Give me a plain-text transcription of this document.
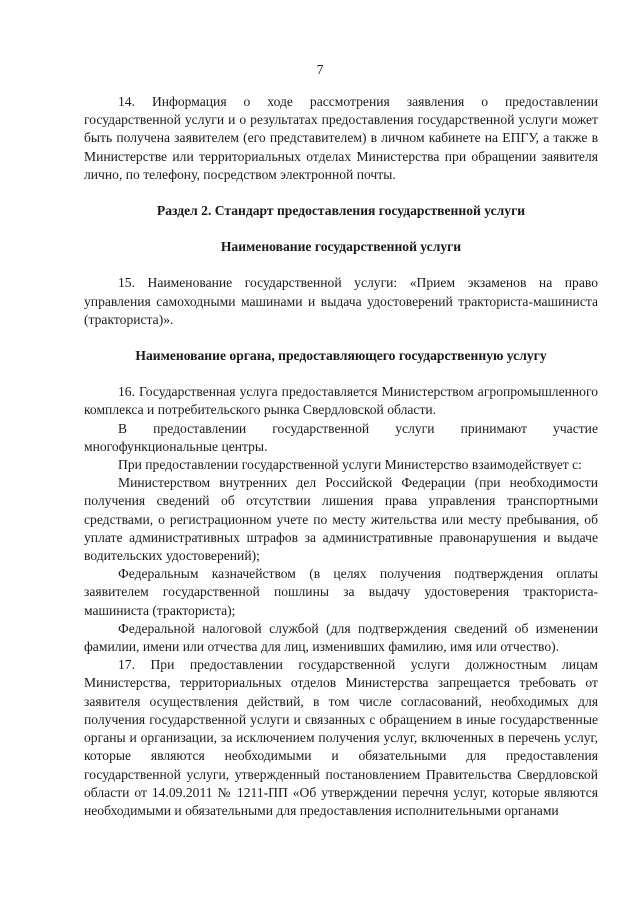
7

14. Информация о ходе рассмотрения заявления о предоставлении государственной услуги и о результатах предоставления государственной услуги может быть получена заявителем (его представителем) в личном кабинете на ЕПГУ, а также в Министерстве или территориальных отделах Министерства при обращении заявителя лично, по телефону, посредством электронной почты.

Раздел 2. Стандарт предоставления государственной услуги
Наименование государственной услуги

15. Наименование государственной услуги: «Прием экзаменов на право управления самоходными машинами и выдача удостоверений тракториста-машиниста (тракториста)».

Наименование органа, предоставляющего государственную услугу

16. Государственная услуга предоставляется Министерством агропромышленного комплекса и потребительского рынка Свердловской области.

В предоставлении государственной услуги принимают участие многофункциональные центры.

При предоставлении государственной услуги Министерство взаимодействует с:

Министерством внутренних дел Российской Федерации (при необходимости получения сведений об отсутствии лишения права управления транспортными средствами, о регистрационном учете по месту жительства или месту пребывания, об уплате административных штрафов за административные правонарушения и выдаче водительских удостоверений);

Федеральным казначейством (в целях получения подтверждения оплаты заявителем государственной пошлины за выдачу удостоверения тракториста-машиниста (тракториста);

Федеральной налоговой службой (для подтверждения сведений об изменении фамилии, имени или отчества для лиц, изменивших фамилию, имя или отчество).

17. При предоставлении государственной услуги должностным лицам Министерства, территориальных отделов Министерства запрещается требовать от заявителя осуществления действий, в том числе согласований, необходимых для получения государственной услуги и связанных с обращением в иные государственные органы и организации, за исключением получения услуг, включенных в перечень услуг, которые являются необходимыми и обязательными для предоставления государственной услуги, утвержденный постановлением Правительства Свердловской области от 14.09.2011 № 1211-ПП «Об утверждении перечня услуг, которые являются необходимыми и обязательными для предоставления исполнительными органами
